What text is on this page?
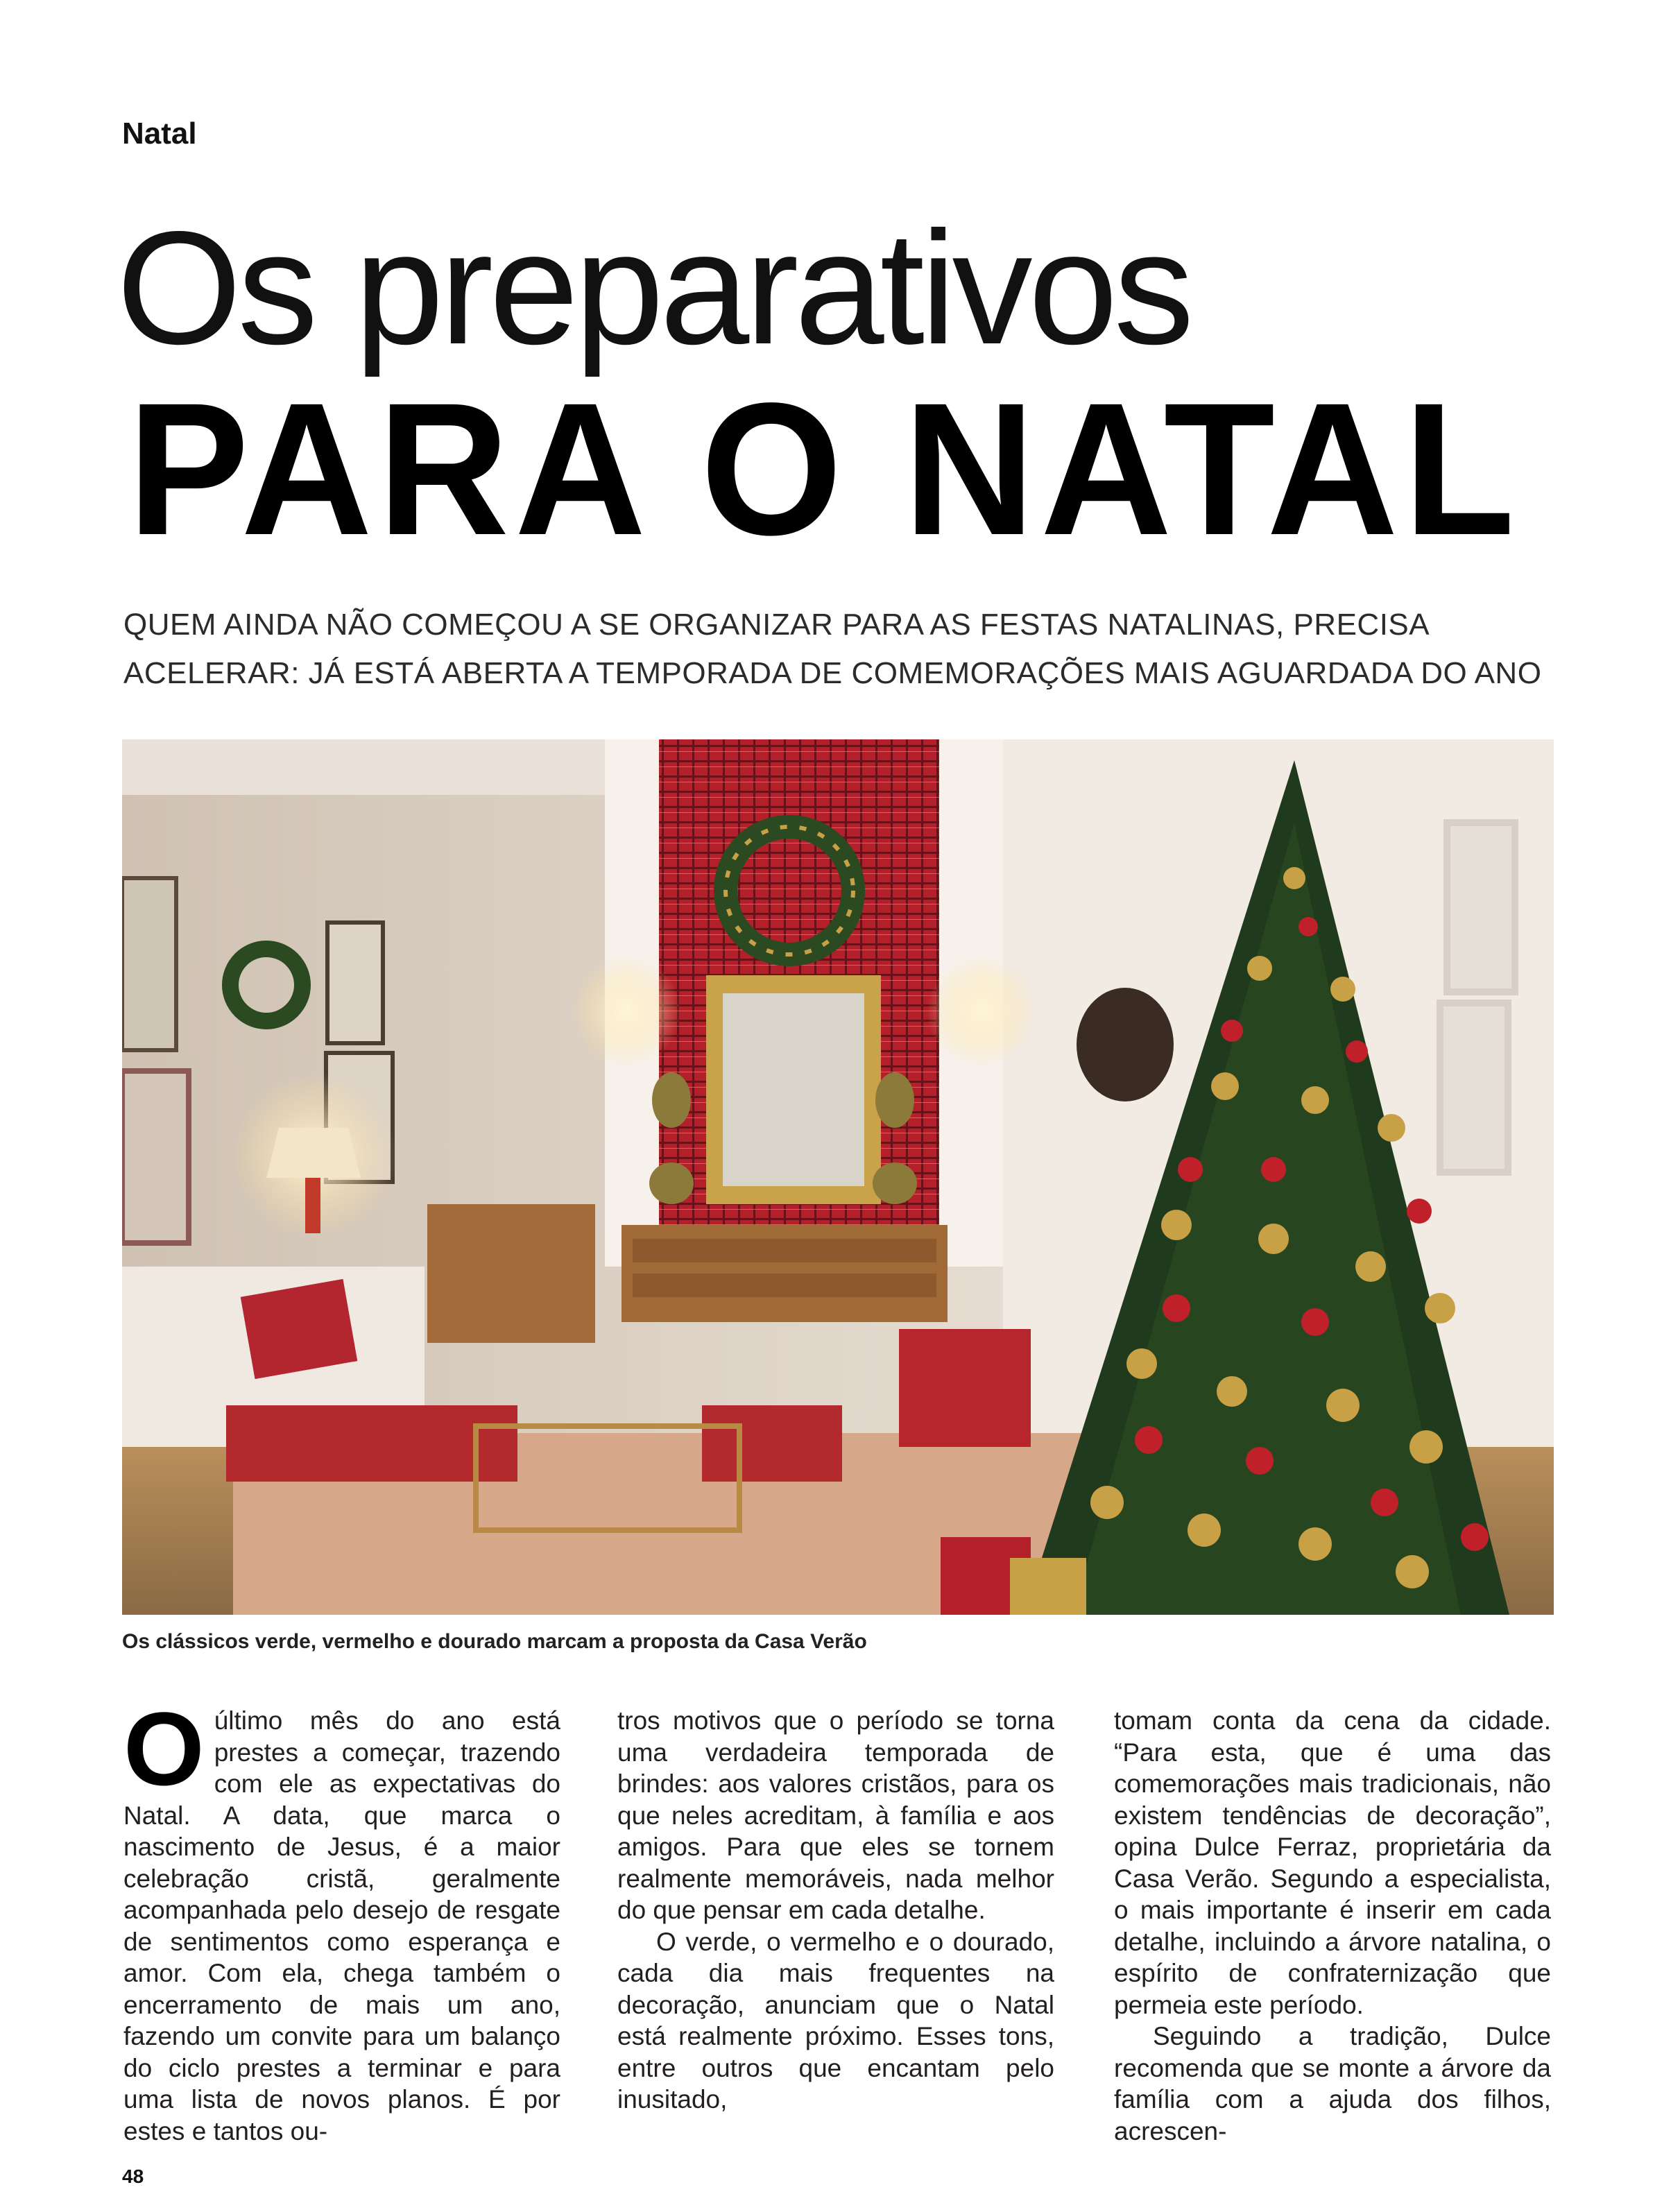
Natal
Os preparativos
PARA O NATAL
QUEM AINDA NÃO COMEÇOU A SE ORGANIZAR PARA AS FESTAS NATALINAS, PRECISA
ACELERAR: JÁ ESTÁ ABERTA A TEMPORADA DE COMEMORAÇÕES MAIS AGUARDADA DO ANO
Os clássicos verde, vermelho e dourado marcam a proposta da Casa Verão

Oúltimo mês do ano está prestes a começar, trazendo com ele as expectativas do Natal. A data, que marca o nascimento de Jesus, é a maior celebração cristã, geralmente acompanhada pelo desejo de resgate de sentimentos como esperança e amor. Com ela, chega também o encerramento de mais um ano, fazendo um convite para um balanço do ciclo prestes a terminar e para uma lista de novos planos. É por estes e tantos ou-

tros motivos que o período se torna uma verdadeira temporada de brindes: aos valores cristãos, para os que neles acreditam, à família e aos amigos. Para que eles se tornem realmente memoráveis, nada melhor do que pensar em cada detalhe.

O verde, o vermelho e o dourado, cada dia mais frequentes na decoração, anunciam que o Natal está realmente próximo. Esses tons, entre outros que encantam pelo inusitado,

tomam conta da cena da cidade. “Para esta, que é uma das comemorações mais tradicionais, não existem tendências de decoração”, opina Dulce Ferraz, proprietária da Casa Verão. Segundo a especialista, o mais importante é inserir em cada detalhe, incluindo a árvore natalina, o espírito de confraternização que permeia este período.

Seguindo a tradição, Dulce recomenda que se monte a árvore da família com a ajuda dos filhos, acrescen-

48
